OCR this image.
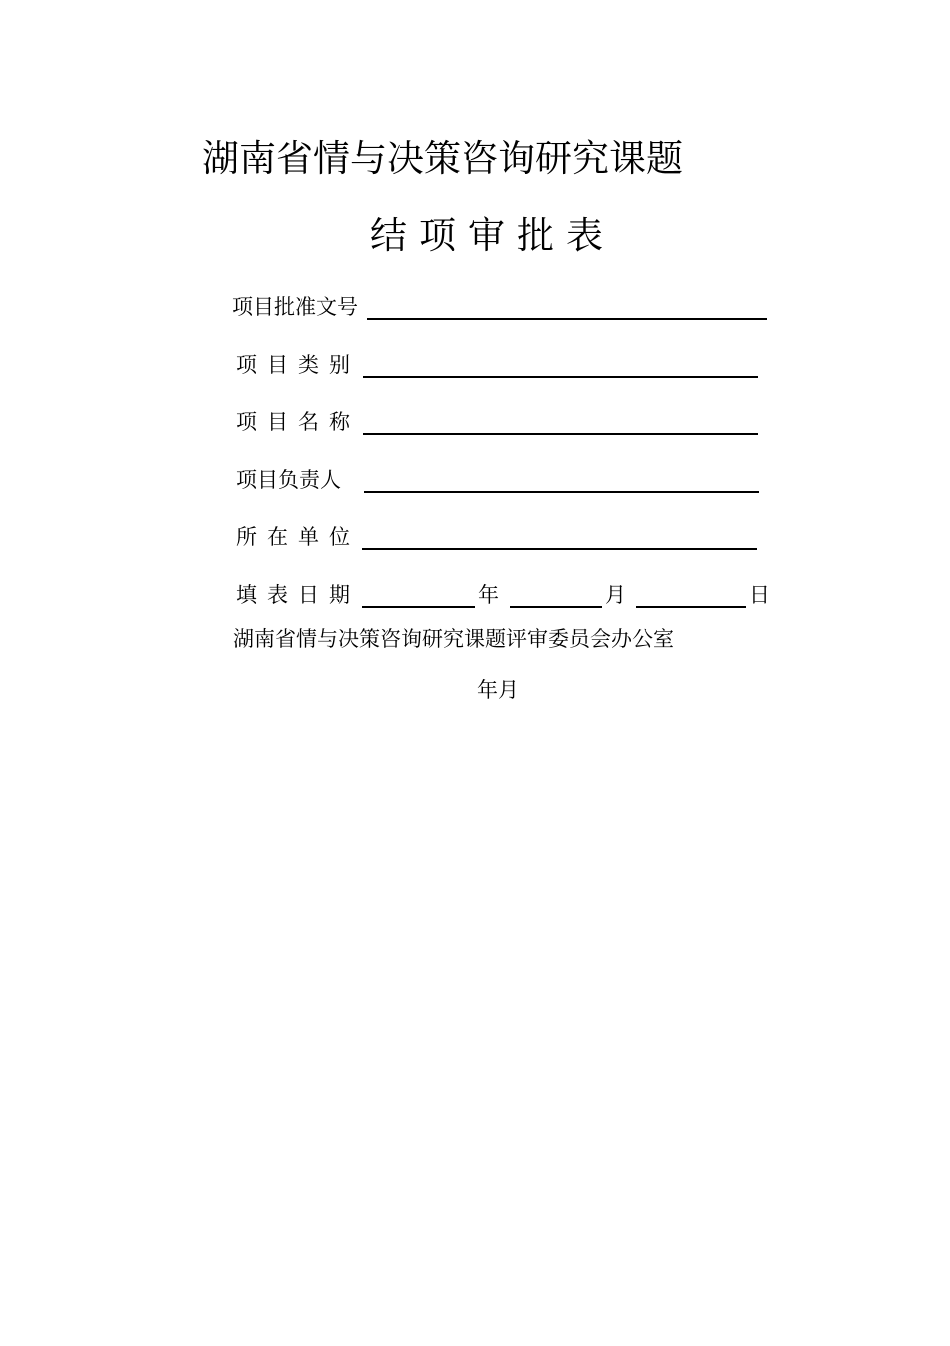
湖南省情与决策咨询研究课题
结项审批表
项目批准文号
项目类别
项目名称
项目负责人
所在单位
填表日期	年	月	日
湖南省情与决策咨询研究课题评审委员会办公室
年月
